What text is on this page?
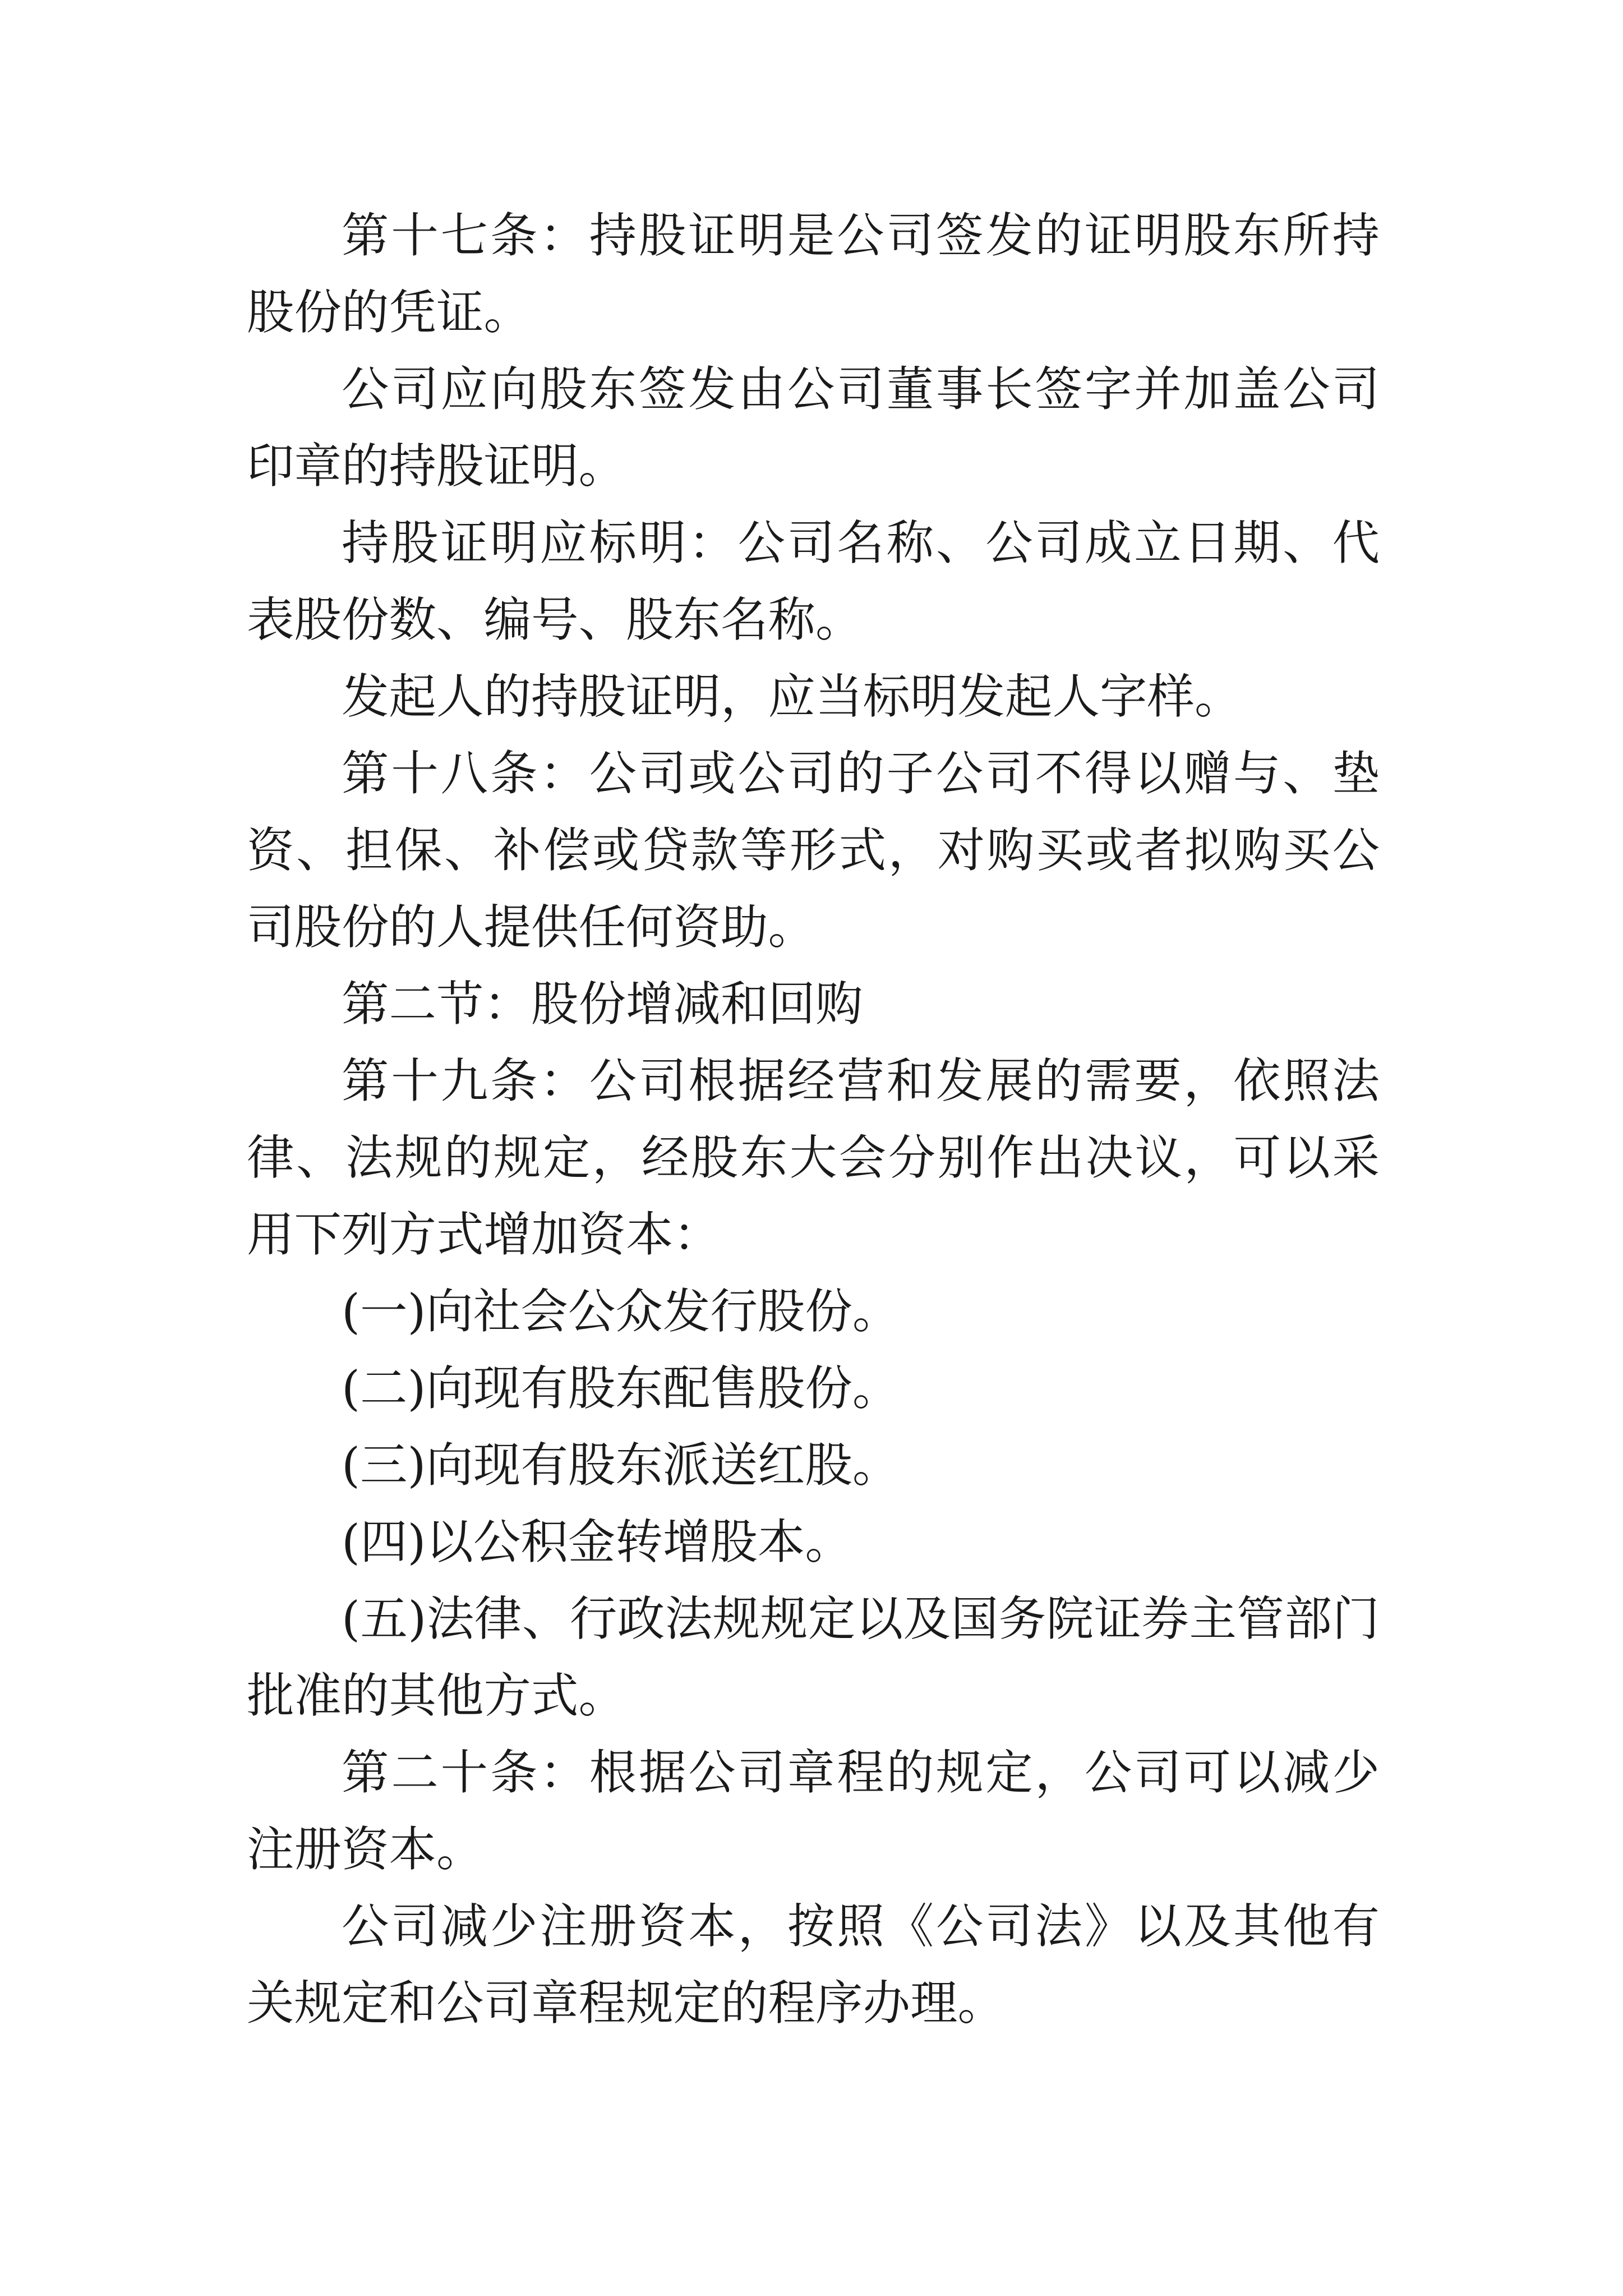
第十七条：持股证明是公司签发的证明股东所持股份的凭证。

公司应向股东签发由公司董事长签字并加盖公司印章的持股证明。

持股证明应标明：公司名称、公司成立日期、代表股份数、编号、股东名称。

发起人的持股证明，应当标明发起人字样。

第十八条：公司或公司的子公司不得以赠与、垫资、担保、补偿或贷款等形式，对购买或者拟购买公司股份的人提供任何资助。

第二节：股份增减和回购

第十九条：公司根据经营和发展的需要，依照法律、法规的规定，经股东大会分别作出决议，可以采用下列方式增加资本：

(一)向社会公众发行股份。

(二)向现有股东配售股份。

(三)向现有股东派送红股。

(四)以公积金转增股本。

(五)法律、行政法规规定以及国务院证券主管部门批准的其他方式。

第二十条：根据公司章程的规定，公司可以减少注册资本。

公司减少注册资本，按照《公司法》以及其他有关规定和公司章程规定的程序办理。
